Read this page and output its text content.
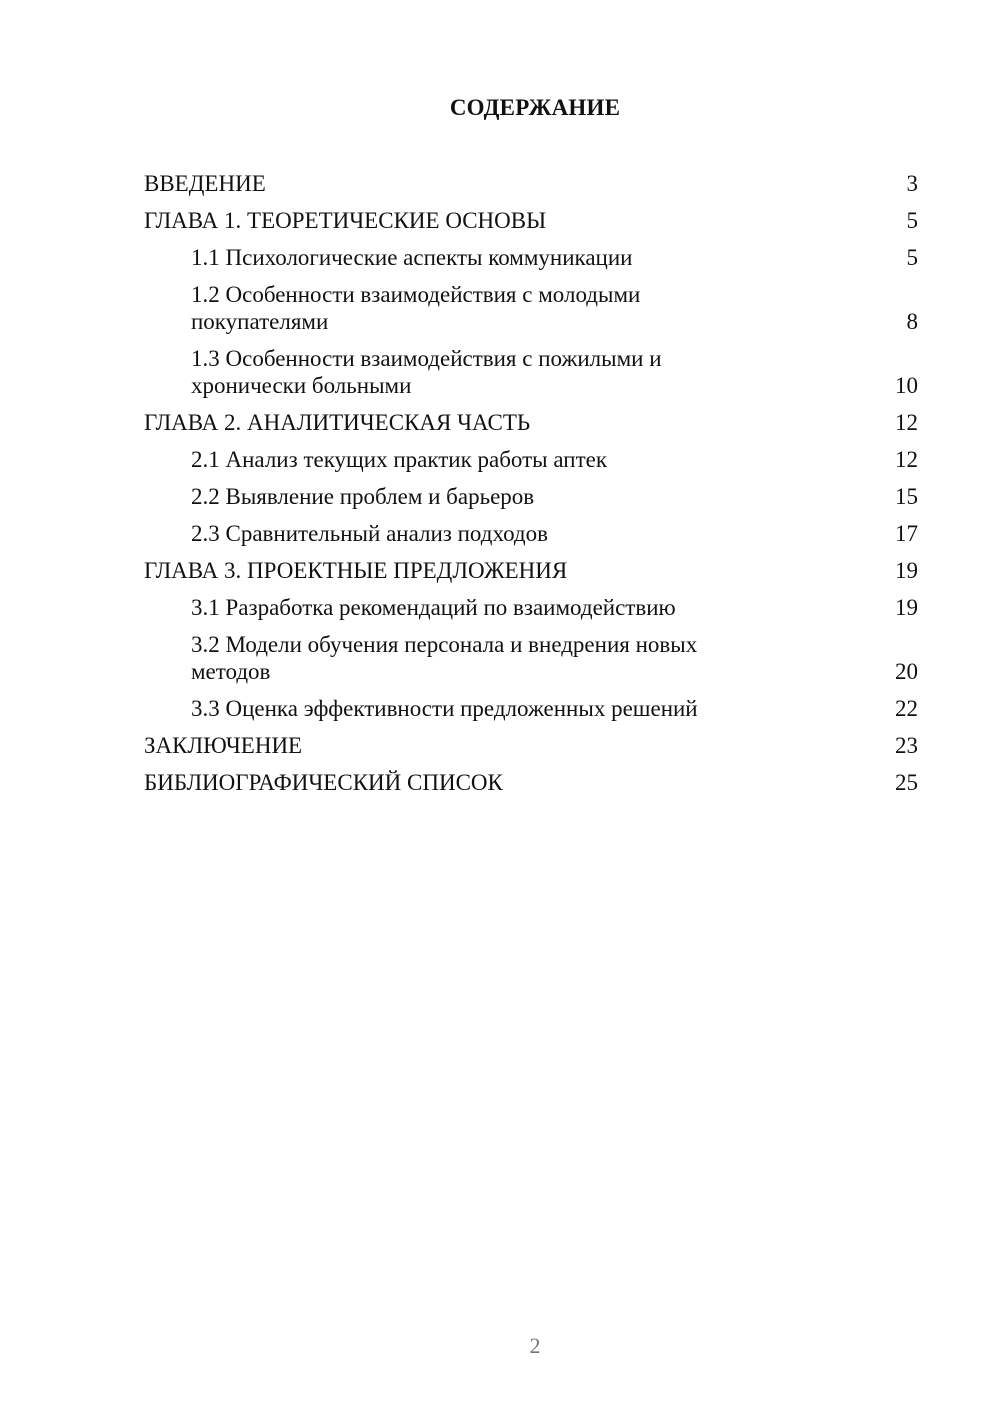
СОДЕРЖАНИЕ
ВВЕДЕНИЕ	3
ГЛАВА 1. ТЕОРЕТИЧЕСКИЕ ОСНОВЫ	5
1.1 Психологические аспекты коммуникации	5
1.2 Особенности взаимодействия с молодыми покупателями	8
1.3 Особенности взаимодействия с пожилыми и хронически больными	10
ГЛАВА 2. АНАЛИТИЧЕСКАЯ ЧАСТЬ	12
2.1 Анализ текущих практик работы аптек	12
2.2 Выявление проблем и барьеров	15
2.3 Сравнительный анализ подходов	17
ГЛАВА 3. ПРОЕКТНЫЕ ПРЕДЛОЖЕНИЯ	19
3.1 Разработка рекомендаций по взаимодействию	19
3.2 Модели обучения персонала и внедрения новых методов	20
3.3 Оценка эффективности предложенных решений	22
ЗАКЛЮЧЕНИЕ	23
БИБЛИОГРАФИЧЕСКИЙ СПИСОК	25
2
